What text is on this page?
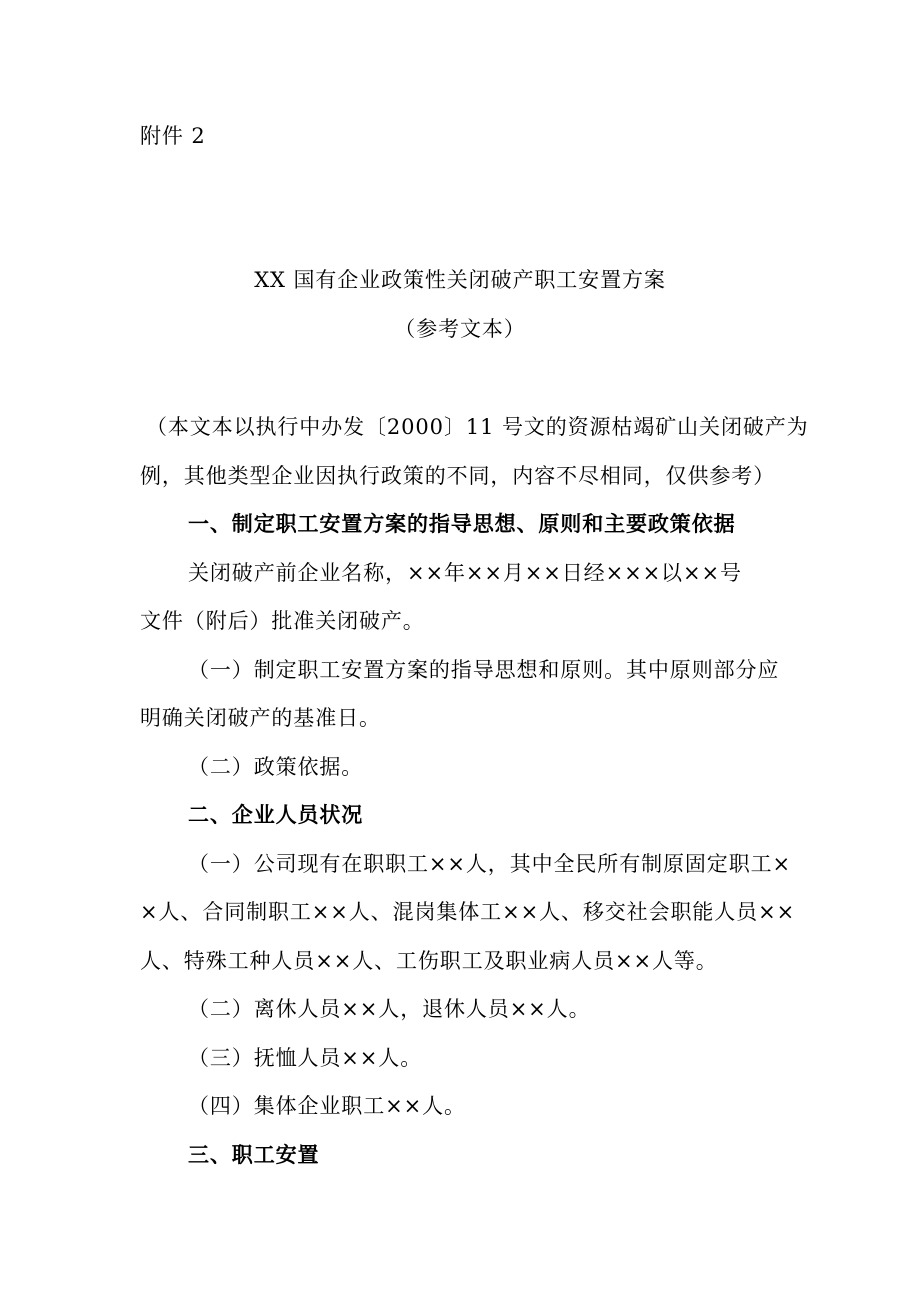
附件 2
XX 国有企业政策性关闭破产职工安置方案
（参考文本）
（本文本以执行中办发〔2000〕11 号文的资源枯竭矿山关闭破产为
例，其他类型企业因执行政策的不同，内容不尽相同，仅供参考）
一、制定职工安置方案的指导思想、原则和主要政策依据
关闭破产前企业名称，××年××月××日经×××以××号
文件（附后）批准关闭破产。
（一）制定职工安置方案的指导思想和原则。其中原则部分应
明确关闭破产的基准日。
（二）政策依据。
二、企业人员状况
（一）公司现有在职职工××人，其中全民所有制原固定职工×
×人、合同制职工××人、混岗集体工××人、移交社会职能人员××
人、特殊工种人员××人、工伤职工及职业病人员××人等。
（二）离休人员××人，退休人员××人。
（三）抚恤人员××人。
（四）集体企业职工××人。
三、职工安置
